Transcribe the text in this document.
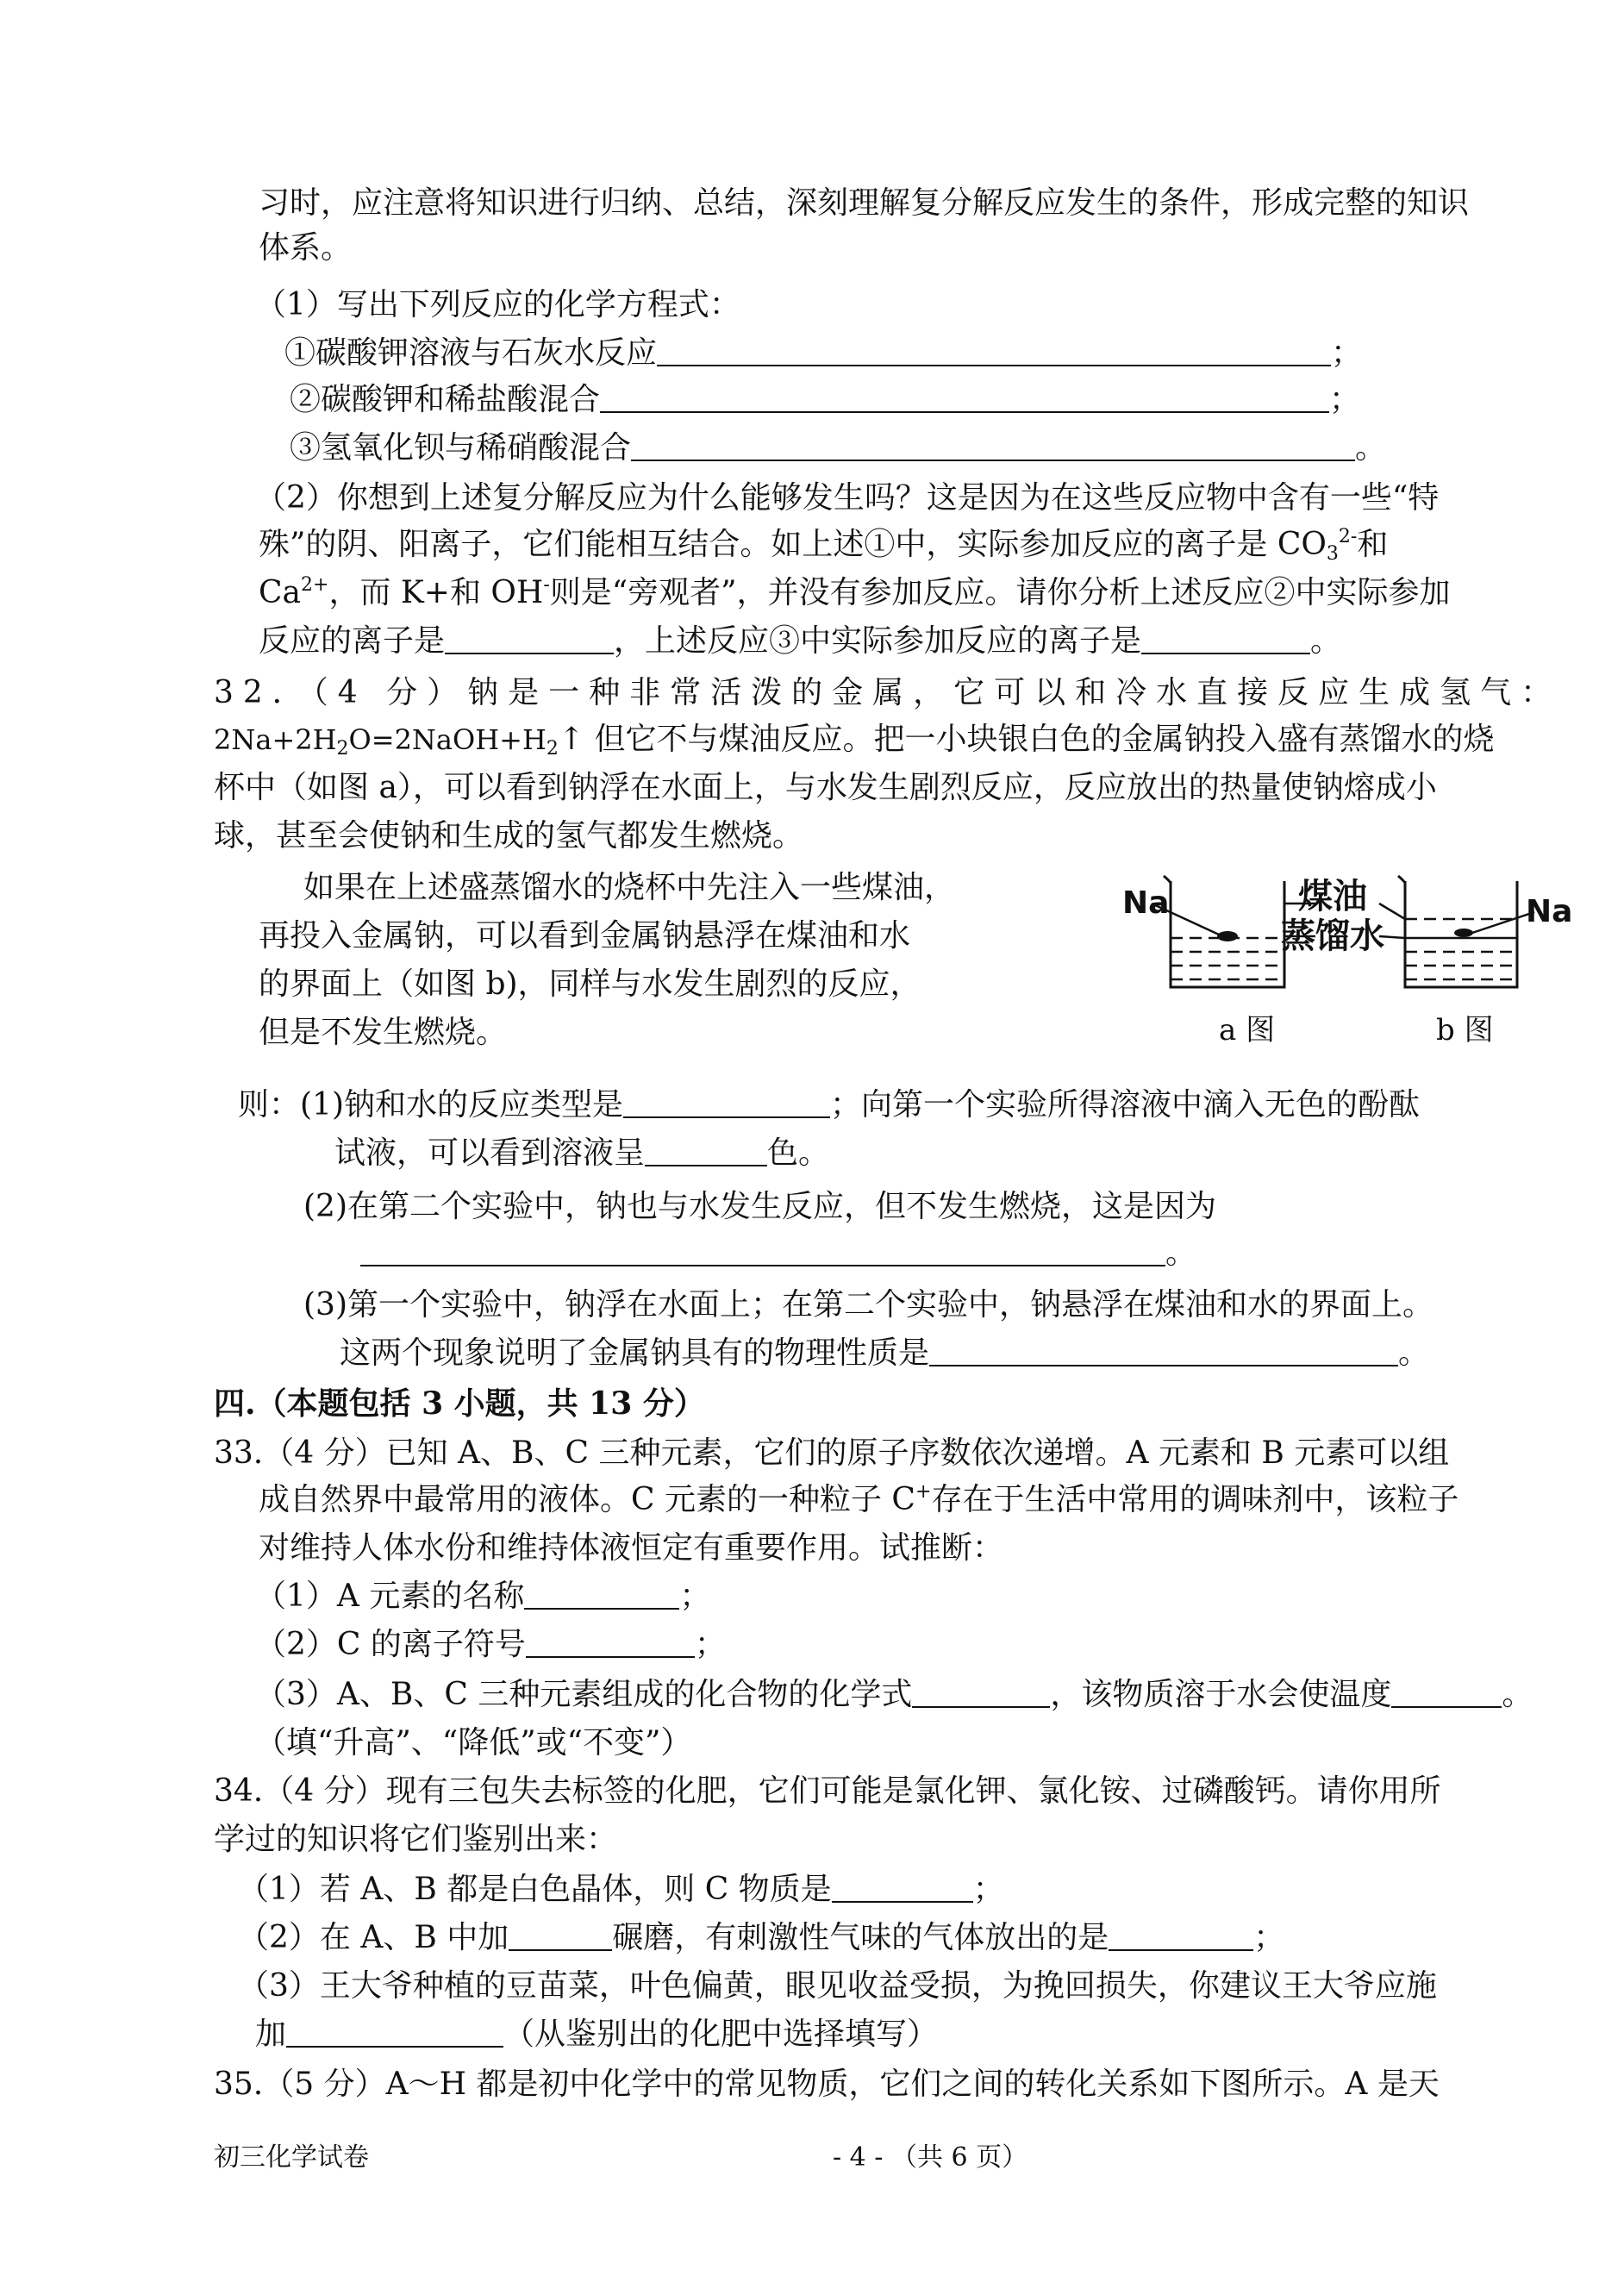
习时，应注意将知识进行归纳、总结，深刻理解复分解反应发生的条件，形成完整的知识
体系。
（1）写出下列反应的化学方程式：
①碳酸钾溶液与石灰水反应	；
②碳酸钾和稀盐酸混合	；
③氢氧化钡与稀硝酸混合	。
（2）你想到上述复分解反应为什么能够发生吗？这是因为在这些反应物中含有一些“特
殊”的阴、阳离子，它们能相互结合。如上述①中，实际参加反应的离子是 $CO_3^{2-}$和
$Ca^{2+}$，而 K+和 OH-则是“旁观者”，并没有参加反应。请你分析上述反应②中实际参加
反应的离子是	，上述反应③中实际参加反应的离子是	。
32．（4 分）钠是一种非常活泼的金属，它可以和冷水直接反应生成氢气：
$2Na+2H_2O=2NaOH+H_2↑$ 但它不与煤油反应。把一小块银白色的金属钠投入盛有蒸馏水的烧
杯中（如图 a），可以看到钠浮在水面上，与水发生剧烈反应，反应放出的热量使钠熔成小
球，甚至会使钠和生成的氢气都发生燃烧。
如果在上述盛蒸馏水的烧杯中先注入一些煤油，
再投入金属钠，可以看到金属钠悬浮在煤油和水
的界面上（如图 b)，同样与水发生剧烈的反应，
但是不发生燃烧。
Na	煤油
蒸馏水
Na
a 图	b 图
则：(1)钠和水的反应类型是	；向第一个实验所得溶液中滴入无色的酚酞
试液，可以看到溶液呈	色。
(2)在第二个实验中，钠也与水发生反应，但不发生燃烧，这是因为
。
(3)第一个实验中，钠浮在水面上；在第二个实验中，钠悬浮在煤油和水的界面上。
这两个现象说明了金属钠具有的物理性质是	。
四.（本题包括 3 小题，共 13 分）
33.（4 分）已知 A、B、C 三种元素，它们的原子序数依次递增。A 元素和 B 元素可以组
成自然界中最常用的液体。C 元素的一种粒子 C+存在于生活中常用的调味剂中，该粒子
对维持人体水份和维持体液恒定有重要作用。试推断：
（1）A 元素的名称	；
（2）C 的离子符号	；
（3）A、B、C 三种元素组成的化合物的化学式	，该物质溶于水会使温度	。
（填“升高”、“降低”或“不变”）
34.（4 分）现有三包失去标签的化肥，它们可能是氯化钾、氯化铵、过磷酸钙。请你用所
学过的知识将它们鉴别出来：
（1）若 A、B 都是白色晶体，则 C 物质是	；
（2）在 A、B 中加	碾磨，有刺激性气味的气体放出的是	；
（3）王大爷种植的豆苗菜，叶色偏黄，眼见收益受损，为挽回损失，你建议王大爷应施
加	（从鉴别出的化肥中选择填写）
35.（5 分）A～H 都是初中化学中的常见物质，它们之间的转化关系如下图所示。A 是天
初三化学试卷	- 4 - （共 6 页）
